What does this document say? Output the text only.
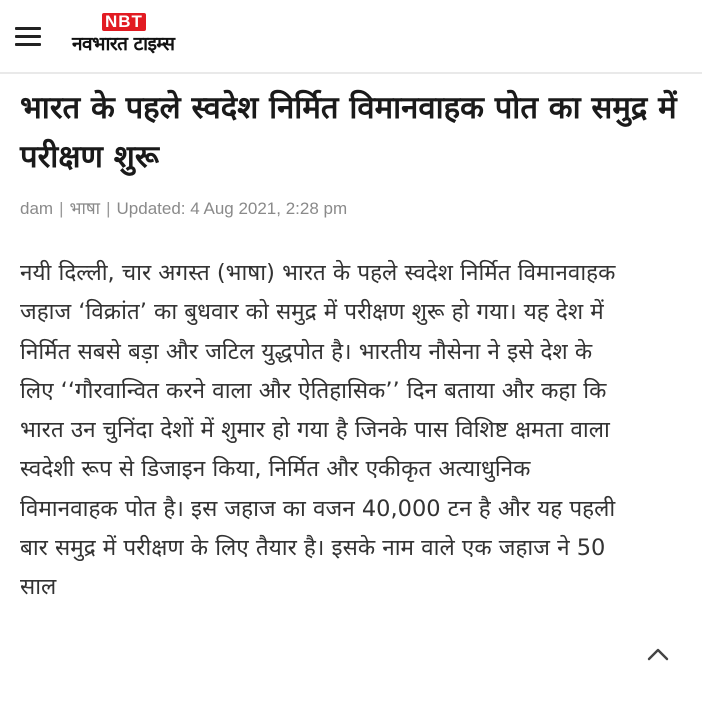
NBT
नवभारत टाइम्स
भारत के पहले स्वदेश निर्मित विमानवाहक पोत का समुद्र में परीक्षण शुरू
dam | भाषा | Updated: 4 Aug 2021, 2:28 pm

नयी दिल्ली, चार अगस्त (भाषा) भारत के पहले स्वदेश निर्मित विमानवाहक जहाज ‘विक्रांत’ का बुधवार को समुद्र में परीक्षण शुरू हो गया। यह देश में निर्मित सबसे बड़ा और जटिल युद्धपोत है। भारतीय नौसेना ने इसे देश के लिए ‘‘गौरवान्वित करने वाला और ऐतिहासिक’’ दिन बताया और कहा कि भारत उन चुनिंदा देशों में शुमार हो गया है जिनके पास विशिष्ट क्षमता वाला स्वदेशी रूप से डिजाइन किया, निर्मित और एकीकृत अत्याधुनिक विमानवाहक पोत है। इस जहाज का वजन 40,000 टन है और यह पहली बार समुद्र में परीक्षण के लिए तैयार है। इसके नाम वाले एक जहाज ने 50 साल
